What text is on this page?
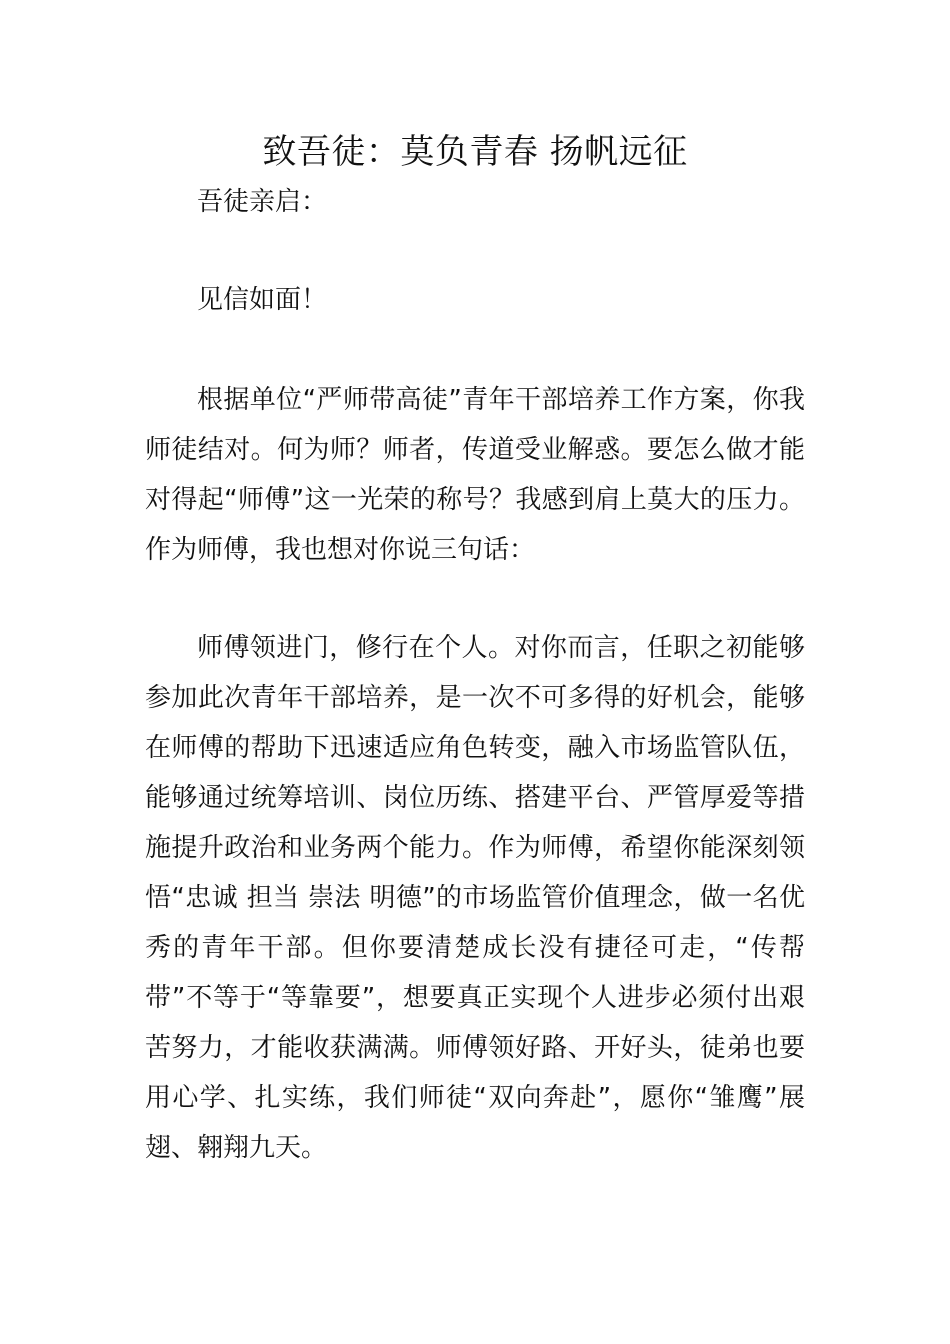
致吾徒：莫负青春 扬帆远征
吾徒亲启：
见信如面！
根据单位“严师带高徒”青年干部培养工作方案，你我师徒结对。何为师？师者，传道受业解惑。要怎么做才能对得起“师傅”这一光荣的称号？我感到肩上莫大的压力。作为师傅，我也想对你说三句话：
师傅领进门，修行在个人。对你而言，任职之初能够参加此次青年干部培养，是一次不可多得的好机会，能够在师傅的帮助下迅速适应角色转变，融入市场监管队伍，能够通过统筹培训、岗位历练、搭建平台、严管厚爱等措施提升政治和业务两个能力。作为师傅，希望你能深刻领悟“忠诚 担当 崇法 明德”的市场监管价值理念，做一名优秀的青年干部。但你要清楚成长没有捷径可走，“传帮带”不等于“等靠要”，想要真正实现个人进步必须付出艰苦努力，才能收获满满。师傅领好路、开好头，徒弟也要用心学、扎实练，我们师徒“双向奔赴”，愿你“雏鹰”展翅、翱翔九天。
